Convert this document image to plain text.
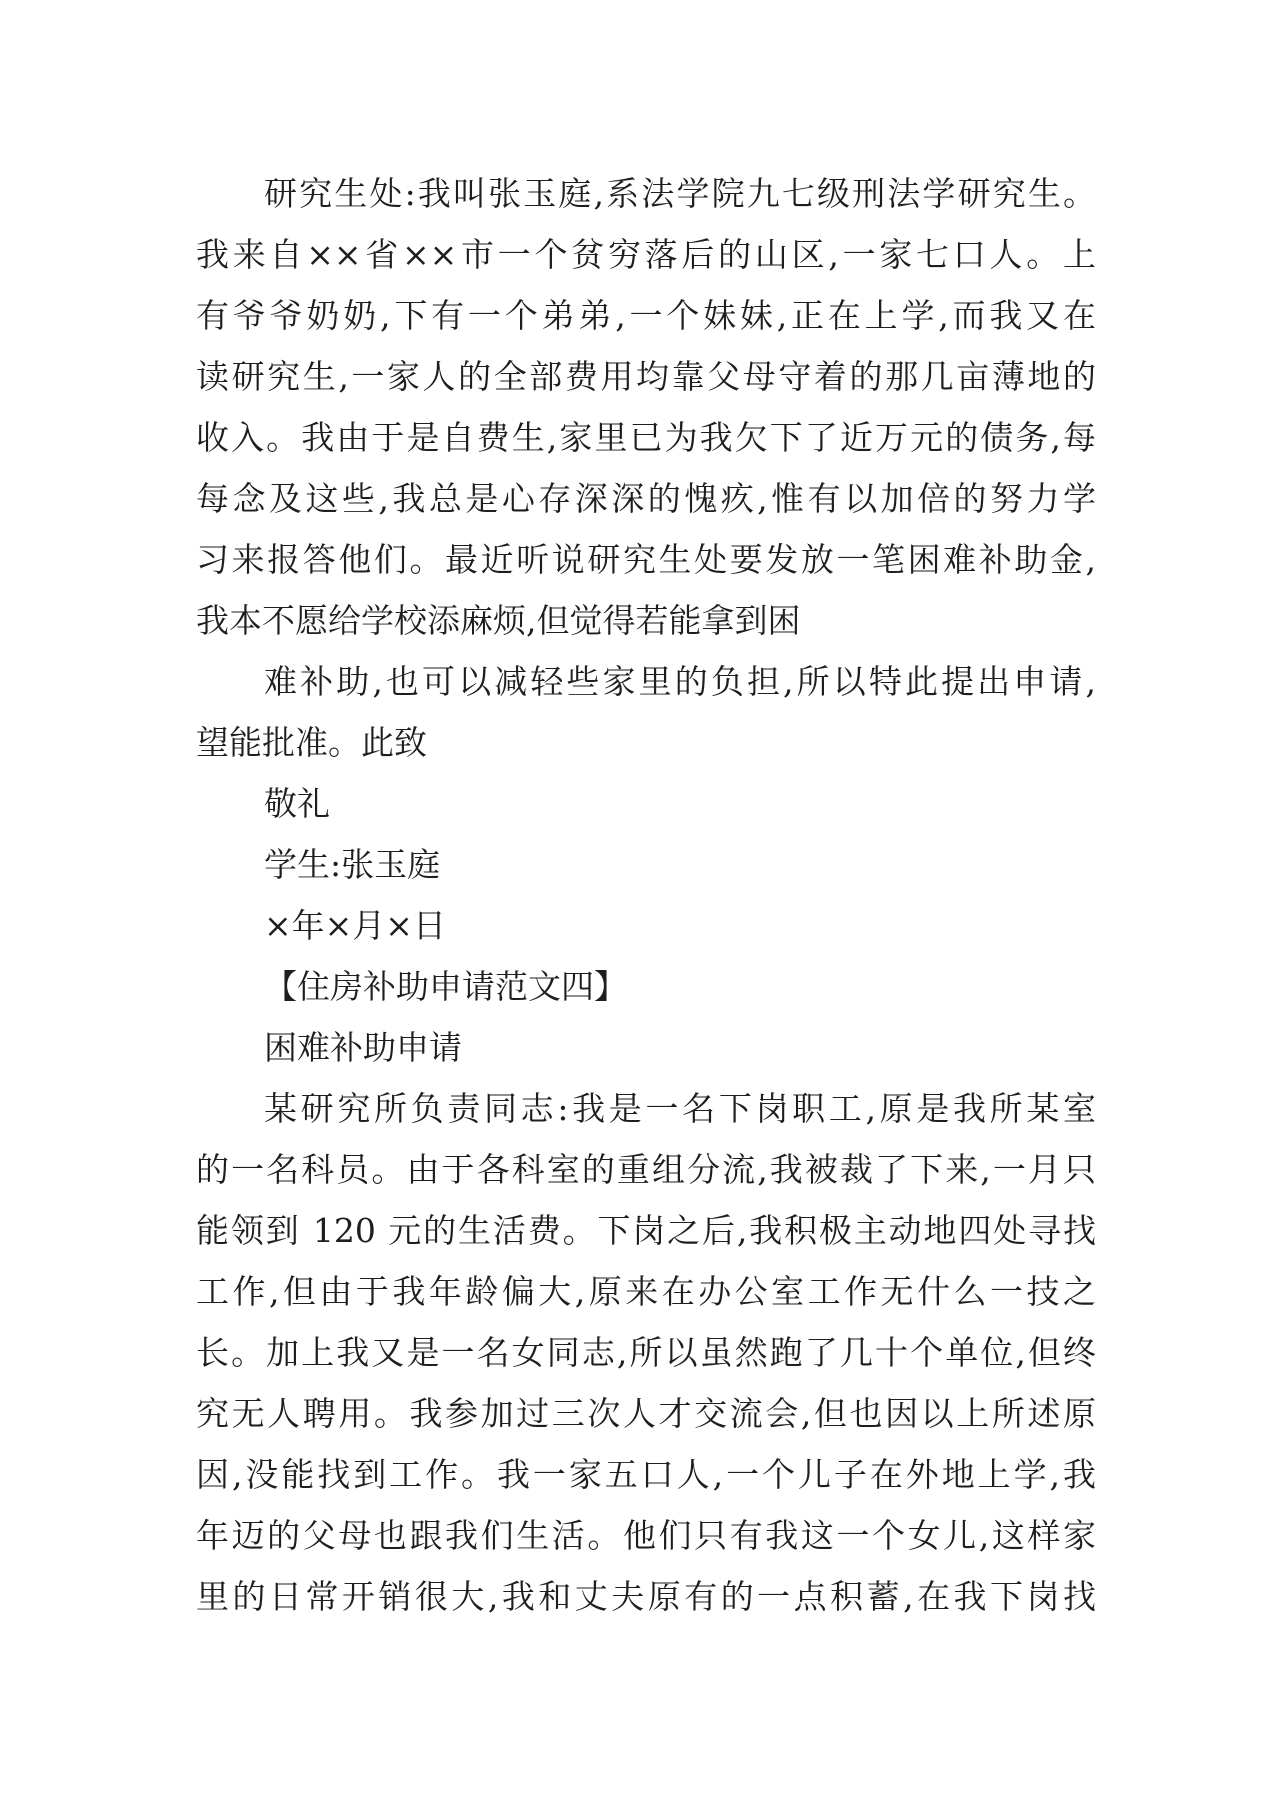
研究生处:我叫张玉庭,系法学院九七级刑法学研究生。
我来自××省××市一个贫穷落后的山区,一家七口人。上
有爷爷奶奶,下有一个弟弟,一个妹妹,正在上学,而我又在
读研究生,一家人的全部费用均靠父母守着的那几亩薄地的
收入。我由于是自费生,家里已为我欠下了近万元的债务,每
每念及这些,我总是心存深深的愧疚,惟有以加倍的努力学
习来报答他们。最近听说研究生处要发放一笔困难补助金,
我本不愿给学校添麻烦,但觉得若能拿到困
难补助,也可以减轻些家里的负担,所以特此提出申请,
望能批准。此致
敬礼
学生:张玉庭
×年×月×日
【住房补助申请范文四】
困难补助申请
某研究所负责同志:我是一名下岗职工,原是我所某室
的一名科员。由于各科室的重组分流,我被裁了下来,一月只
能领到 120 元的生活费。下岗之后,我积极主动地四处寻找
工作,但由于我年龄偏大,原来在办公室工作无什么一技之
长。加上我又是一名女同志,所以虽然跑了几十个单位,但终
究无人聘用。我参加过三次人才交流会,但也因以上所述原
因,没能找到工作。我一家五口人,一个儿子在外地上学,我
年迈的父母也跟我们生活。他们只有我这一个女儿,这样家
里的日常开销很大,我和丈夫原有的一点积蓄,在我下岗找
